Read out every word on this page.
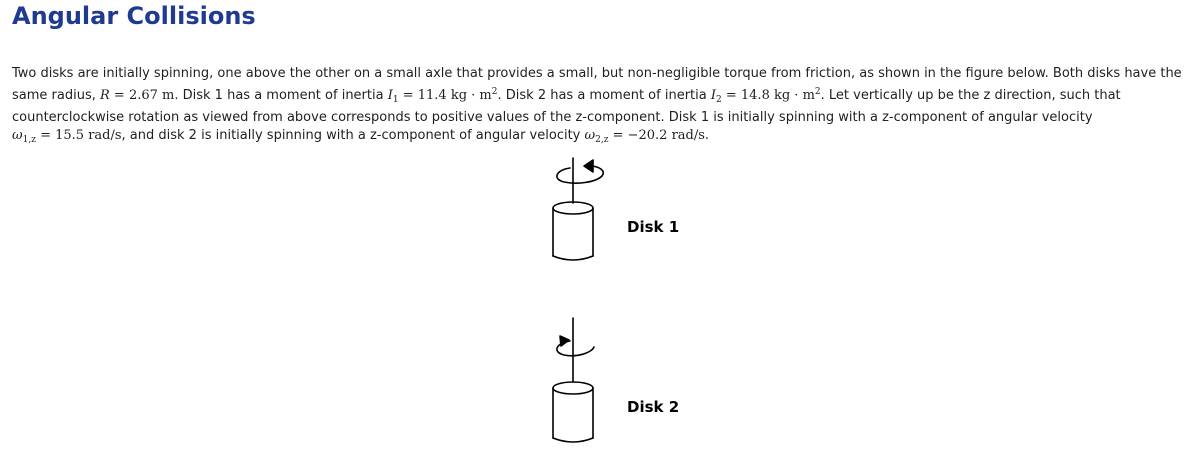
Angular Collisions

Two disks are initially spinning, one above the other on a small axle that provides a small, but non-negligible torque from friction, as shown in the figure below. Both disks have the same radius, R = 2.67 m. Disk 1 has a moment of inertia $I_1 = 11.4$ kg · $m^2$. Disk 2 has a moment of inertia $I_2 = 14.8$ kg · $m^2$. Let vertically up be the z direction, such that counterclockwise rotation as viewed from above corresponds to positive values of the z-component. Disk 1 is initially spinning with a z-component of angular velocity $\omega_{1,z} = 15.5$ rad/s, and disk 2 is initially spinning with a z-component of angular velocity $\omega_{2,z} = -20.2$ rad/s.

Disk 1
Disk 2
